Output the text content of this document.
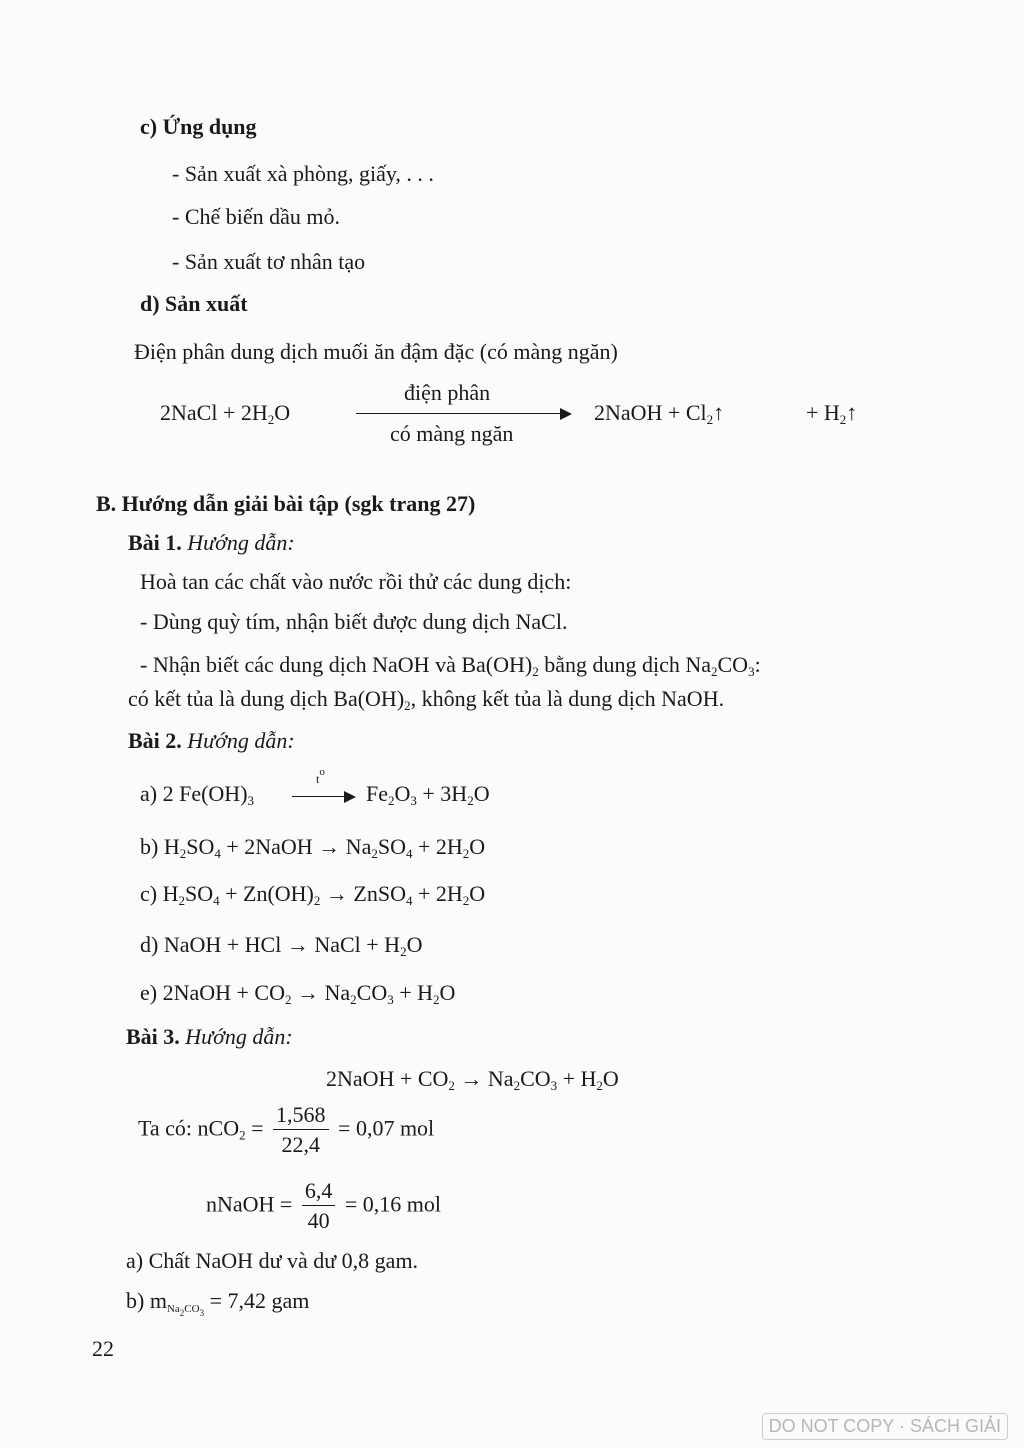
c) Ứng dụng
- Sản xuất xà phòng, giấy, . . .
- Chế biến dầu mỏ.
- Sản xuất tơ nhân tạo
d) Sản xuất
Điện phân dung dịch muối ăn đậm đặc (có màng ngăn)
2NaCl + $2H_2O$
điện phân
có màng ngăn
2NaOH + $Cl_2↑$	+ $H_2↑$
B. Hướng dẫn giải bài tập (sgk trang 27)
Bài 1. Hướng dẫn:
Hoà tan các chất vào nước rồi thử các dung dịch:
- Dùng quỳ tím, nhận biết được dung dịch NaCl.
- Nhận biết các dung dịch NaOH và $Ba(OH)_2$ bằng dung dịch $Na_2CO_3$:
có kết tủa là dung dịch $Ba(OH)_2$, không kết tủa là dung dịch NaOH.
Bài 2. Hướng dẫn:
a) 2 $Fe(OH)_3$
$t^o$
$Fe_2O_3 + 3H_2O$
b) $H_2SO_4$ + 2NaOH → $Na_2SO_4 + 2H_2O$
c) $H_2SO_4 + Zn(OH)_2$ → ZnSO$_4$ + $2H_2O$
d) NaOH + HCl → NaCl + $H_2O$
e) 2NaOH + $CO_2 \to Na_2CO_3 + H_2O$
Bài 3. Hướng dẫn:
2NaOH + $CO_2 \to Na_2CO_3 + H_2O$
Ta có: $nCO_2 = \frac{1,568}{22,4} = 0,07$ mol
nNaOH = $\frac{6,4}{40} = 0,16$ mol
a) Chất NaOH dư và dư 0,8 gam.
b) $m_{Na_2CO_3} = 7,42$ gam
22
DO NOT COPY · SÁCH GIẢI
